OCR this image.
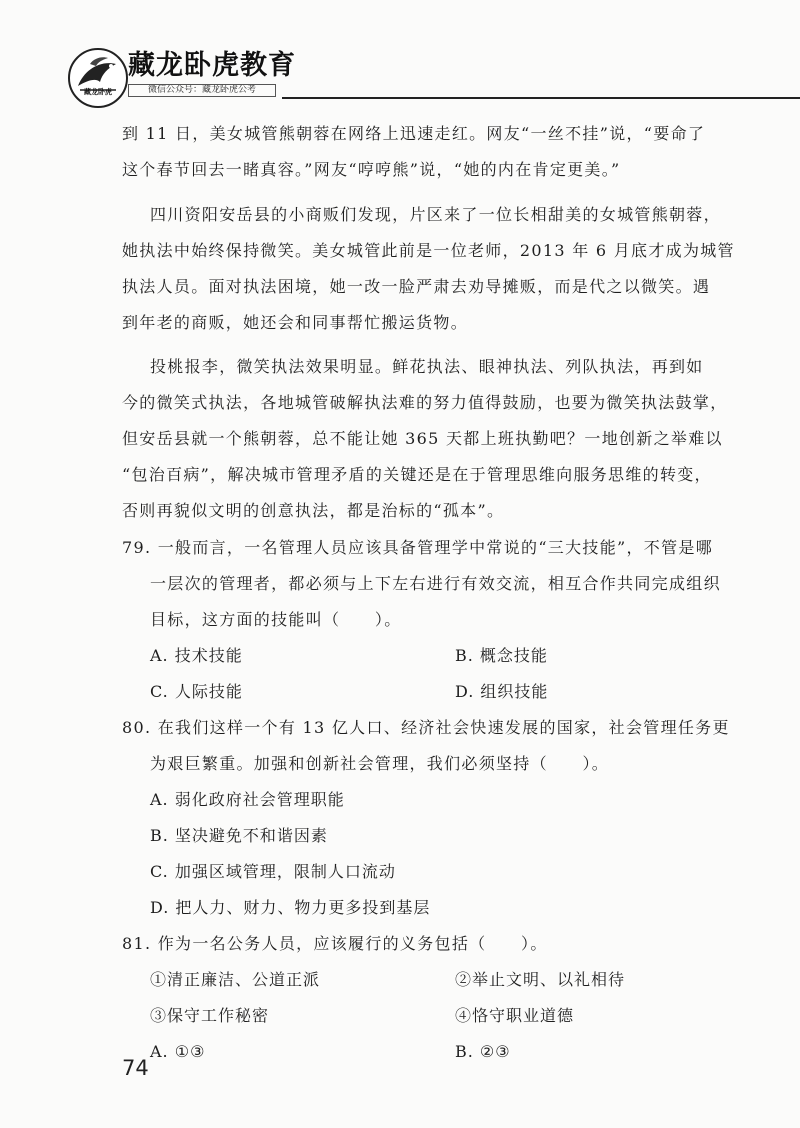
藏龙卧虎
藏龙卧虎教育
微信公众号：藏龙卧虎公考
到 11 日，美女城管熊朝蓉在网络上迅速走红。网友“一丝不挂”说，“要命了
这个春节回去一睹真容。”网友“哼哼熊”说，“她的内在肯定更美。”
四川资阳安岳县的小商贩们发现，片区来了一位长相甜美的女城管熊朝蓉，
她执法中始终保持微笑。美女城管此前是一位老师，2013 年 6 月底才成为城管
执法人员。面对执法困境，她一改一脸严肃去劝导摊贩，而是代之以微笑。遇
到年老的商贩，她还会和同事帮忙搬运货物。
投桃报李，微笑执法效果明显。鲜花执法、眼神执法、列队执法，再到如
今的微笑式执法，各地城管破解执法难的努力值得鼓励，也要为微笑执法鼓掌，
但安岳县就一个熊朝蓉，总不能让她 365 天都上班执勤吧？一地创新之举难以
“包治百病”，解决城市管理矛盾的关键还是在于管理思维向服务思维的转变，
否则再貌似文明的创意执法，都是治标的“孤本”。
79. 一般而言，一名管理人员应该具备管理学中常说的“三大技能”，不管是哪
一层次的管理者，都必须与上下左右进行有效交流，相互合作共同完成组织
目标，这方面的技能叫（　　）。
A. 技术技能	B. 概念技能
C. 人际技能	D. 组织技能
80. 在我们这样一个有 13 亿人口、经济社会快速发展的国家，社会管理任务更
为艰巨繁重。加强和创新社会管理，我们必须坚持（　　）。
A. 弱化政府社会管理职能
B. 坚决避免不和谐因素
C. 加强区域管理，限制人口流动
D. 把人力、财力、物力更多投到基层
81. 作为一名公务人员，应该履行的义务包括（　　）。
①清正廉洁、公道正派	②举止文明、以礼相待
③保守工作秘密	④恪守职业道德
A. ①③	B. ②③
74
